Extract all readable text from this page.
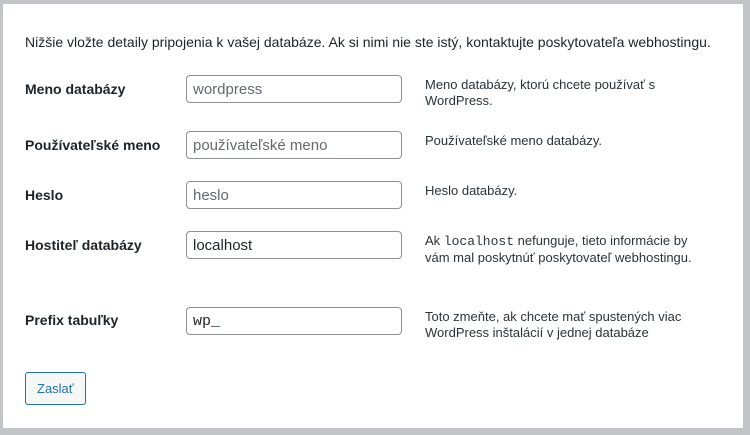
Nižšie vložte detaily pripojenia k vašej databáze. Ak si nimi nie ste istý, kontaktujte poskytovateľa webhostingu.

Meno databázy
wordpress	Meno databázy, ktorú chcete používať s WordPress.
Používateľské meno
používateľské meno	Používateľské meno databázy.
Heslo
heslo	Heslo databázy.
Hostiteľ databázy
localhost	Ak localhost nefunguje, tieto informácie by vám mal poskytnúť poskytovateľ webhostingu.
Prefix tabuľky
wp_	Toto zmeňte, ak chcete mať spustených viac WordPress inštalácií v jednej databáze
Zaslať
